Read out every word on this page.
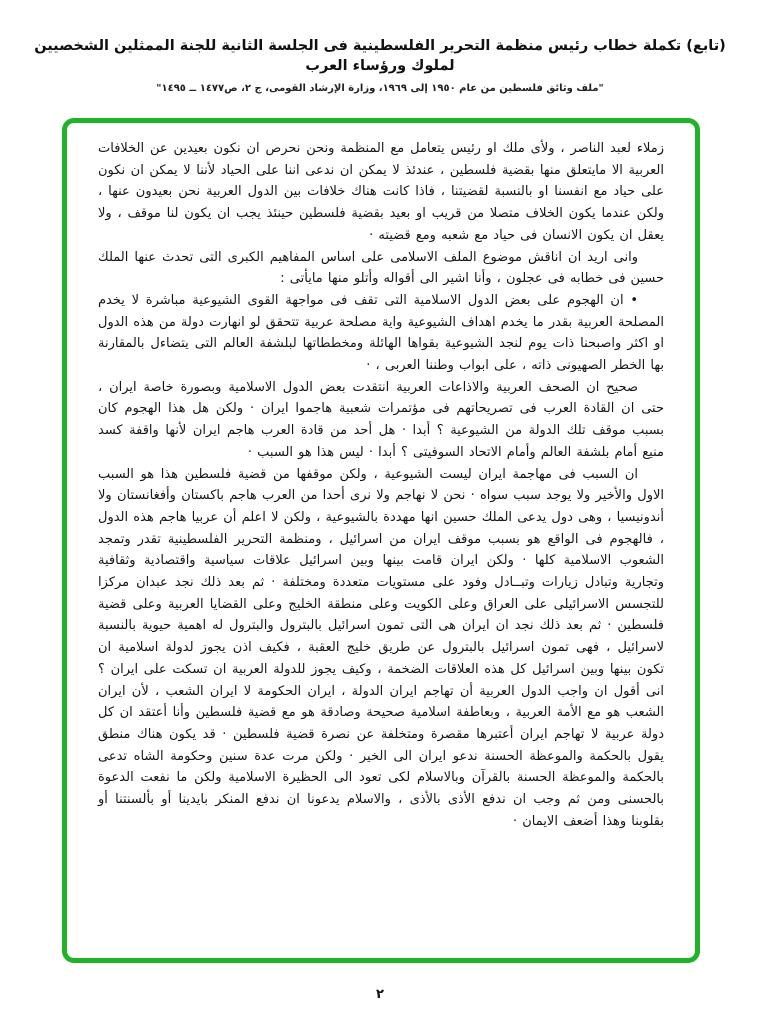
(تابع) تكملة خطاب رئيس منظمة التحرير الفلسطينية فى الجلسة الثانية للجنة الممثلين الشخصيين لملوك ورؤساء العرب
"ملف وثائق فلسطين من عام ١٩٥٠ إلى ١٩٦٩، وزارة الإرشاد القومى، ج ٢، ص١٤٧٧ ــ ١٤٩٥"

زملاء لعبد الناصر ، ولأى ملك او رئيس يتعامل مع المنظمة ونحن نحرص ان نكون بعيدين عن الخلافات العربية الا مايتعلق منها بقضية فلسطين ، عندئذ لا يمكن ان ندعى اننا على الحياد لأننا لا يمكن ان نكون على حياد مع انفسنا او بالنسبة لقضيتنا ، فاذا كانت هناك خلافات بين الدول العربية نحن بعيدون عنها ، ولكن عندما يكون الخلاف متصلا من قريب او بعيد بقضية فلسطين حينئذ يجب ان يكون لنا موقف ، ولا يعقل ان يكون الانسان فى حياد مع شعبه ومع قضيته ·

وانى اريد ان اناقش موضوع الملف الاسلامى على اساس المفاهيم الكبرى التى تحدث عنها الملك حسين فى خطابه فى عجلون ، وأنا اشير الى أقواله وأتلو منها مايأتى :

• ان الهجوم على بعض الدول الاسلامية التى تقف فى مواجهة القوى الشيوعية مباشرة لا يخدم المصلحة العربية بقدر ما يخدم اهداف الشيوعية واية مصلحة عربية تتحقق لو انهارت دولة من هذه الدول او اكثر واصبحنا ذات يوم لنجد الشيوعية بقواها الهائلة ومخططاتها لبلشفة العالم التى يتضاءل بالمقارنة بها الخطر الصهيونى ذاته ، على ابواب وطننا العربى ، ·

صحيح ان الصحف العربية والاذاعات العربية انتقدت بعض الدول الاسلامية وبصورة خاصة ايران ، حتى ان القادة العرب فى تصريحاتهم فى مؤتمرات شعبية هاجموا ايران · ولكن هل هذا الهجوم كان بسبب موقف تلك الدولة من الشيوعية ؟ أبدا · هل أحد من قادة العرب هاجم ايران لأنها واقفة كسد منيع أمام بلشفة العالم وأمام الاتحاد السوفيتى ؟ أبدا · ليس هذا هو السبب ·

ان السبب فى مهاجمة ايران ليست الشيوعية ، ولكن موقفها من قضية فلسطين هذا هو السبب الاول والأخير ولا يوجد سبب سواه · نحن لا نهاجم ولا نرى أحدا من العرب هاجم باكستان وأفغانستان ولا أندونيسيا ، وهى دول يدعى الملك حسين انها مهددة بالشيوعية ، ولكن لا اعلم أن عربيا هاجم هذه الدول ، فالهجوم فى الواقع هو بسبب موقف ايران من اسرائيل ، ومنظمة التحرير الفلسطينية تقدر وتمجد الشعوب الاسلامية كلها · ولكن ايران قامت بينها وبين اسرائيل علاقات سياسية واقتصادية وثقافية وتجارية وتبادل زيارات وتبــادل وفود على مستويات متعددة ومختلفة · ثم بعد ذلك نجد عبدان مركزا للتجسس الاسرائيلى على العراق وعلى الكويت وعلى منطقة الخليج وعلى القضايا العربية وعلى قضية فلسطين · ثم بعد ذلك نجد ان ايران هى التى تمون اسرائيل بالبترول والبترول له اهمية حيوية بالنسبة لاسرائيل ، فهى تمون اسرائيل بالبترول عن طريق خليج العقبة ، فكيف اذن يجوز لدولة اسلامية ان تكون بينها وبين اسرائيل كل هذه العلاقات الضخمة ، وكيف يجوز للدولة العربية ان تسكت على ايران ؟ انى أقول ان واجب الدول العربية أن تهاجم ايران الدولة ، ايران الحكومة لا ايران الشعب ، لأن ايران الشعب هو مع الأمة العربية ، وبعاطفة اسلامية صحيحة وصادقة هو مع قضية فلسطين وأنا أعتقد ان كل دولة عربية لا تهاجم ايران أعتبرها مقصرة ومتخلفة عن نصرة قضية فلسطين · قد يكون هناك منطق يقول بالحكمة والموعظة الحسنة ندعو ايران الى الخير · ولكن مرت عدة سنين وحكومة الشاه تدعى بالحكمة والموعظة الحسنة بالقرآن وبالاسلام لكى تعود الى الحظيرة الاسلامية ولكن ما نفعت الدعوة بالحسنى ومن ثم وجب ان ندفع الأذى بالأذى ، والاسلام يدعونا ان ندفع المنكر بايدينا أو بألسنتنا أو بقلوبنا وهذا أضعف الايمان ·

٢
